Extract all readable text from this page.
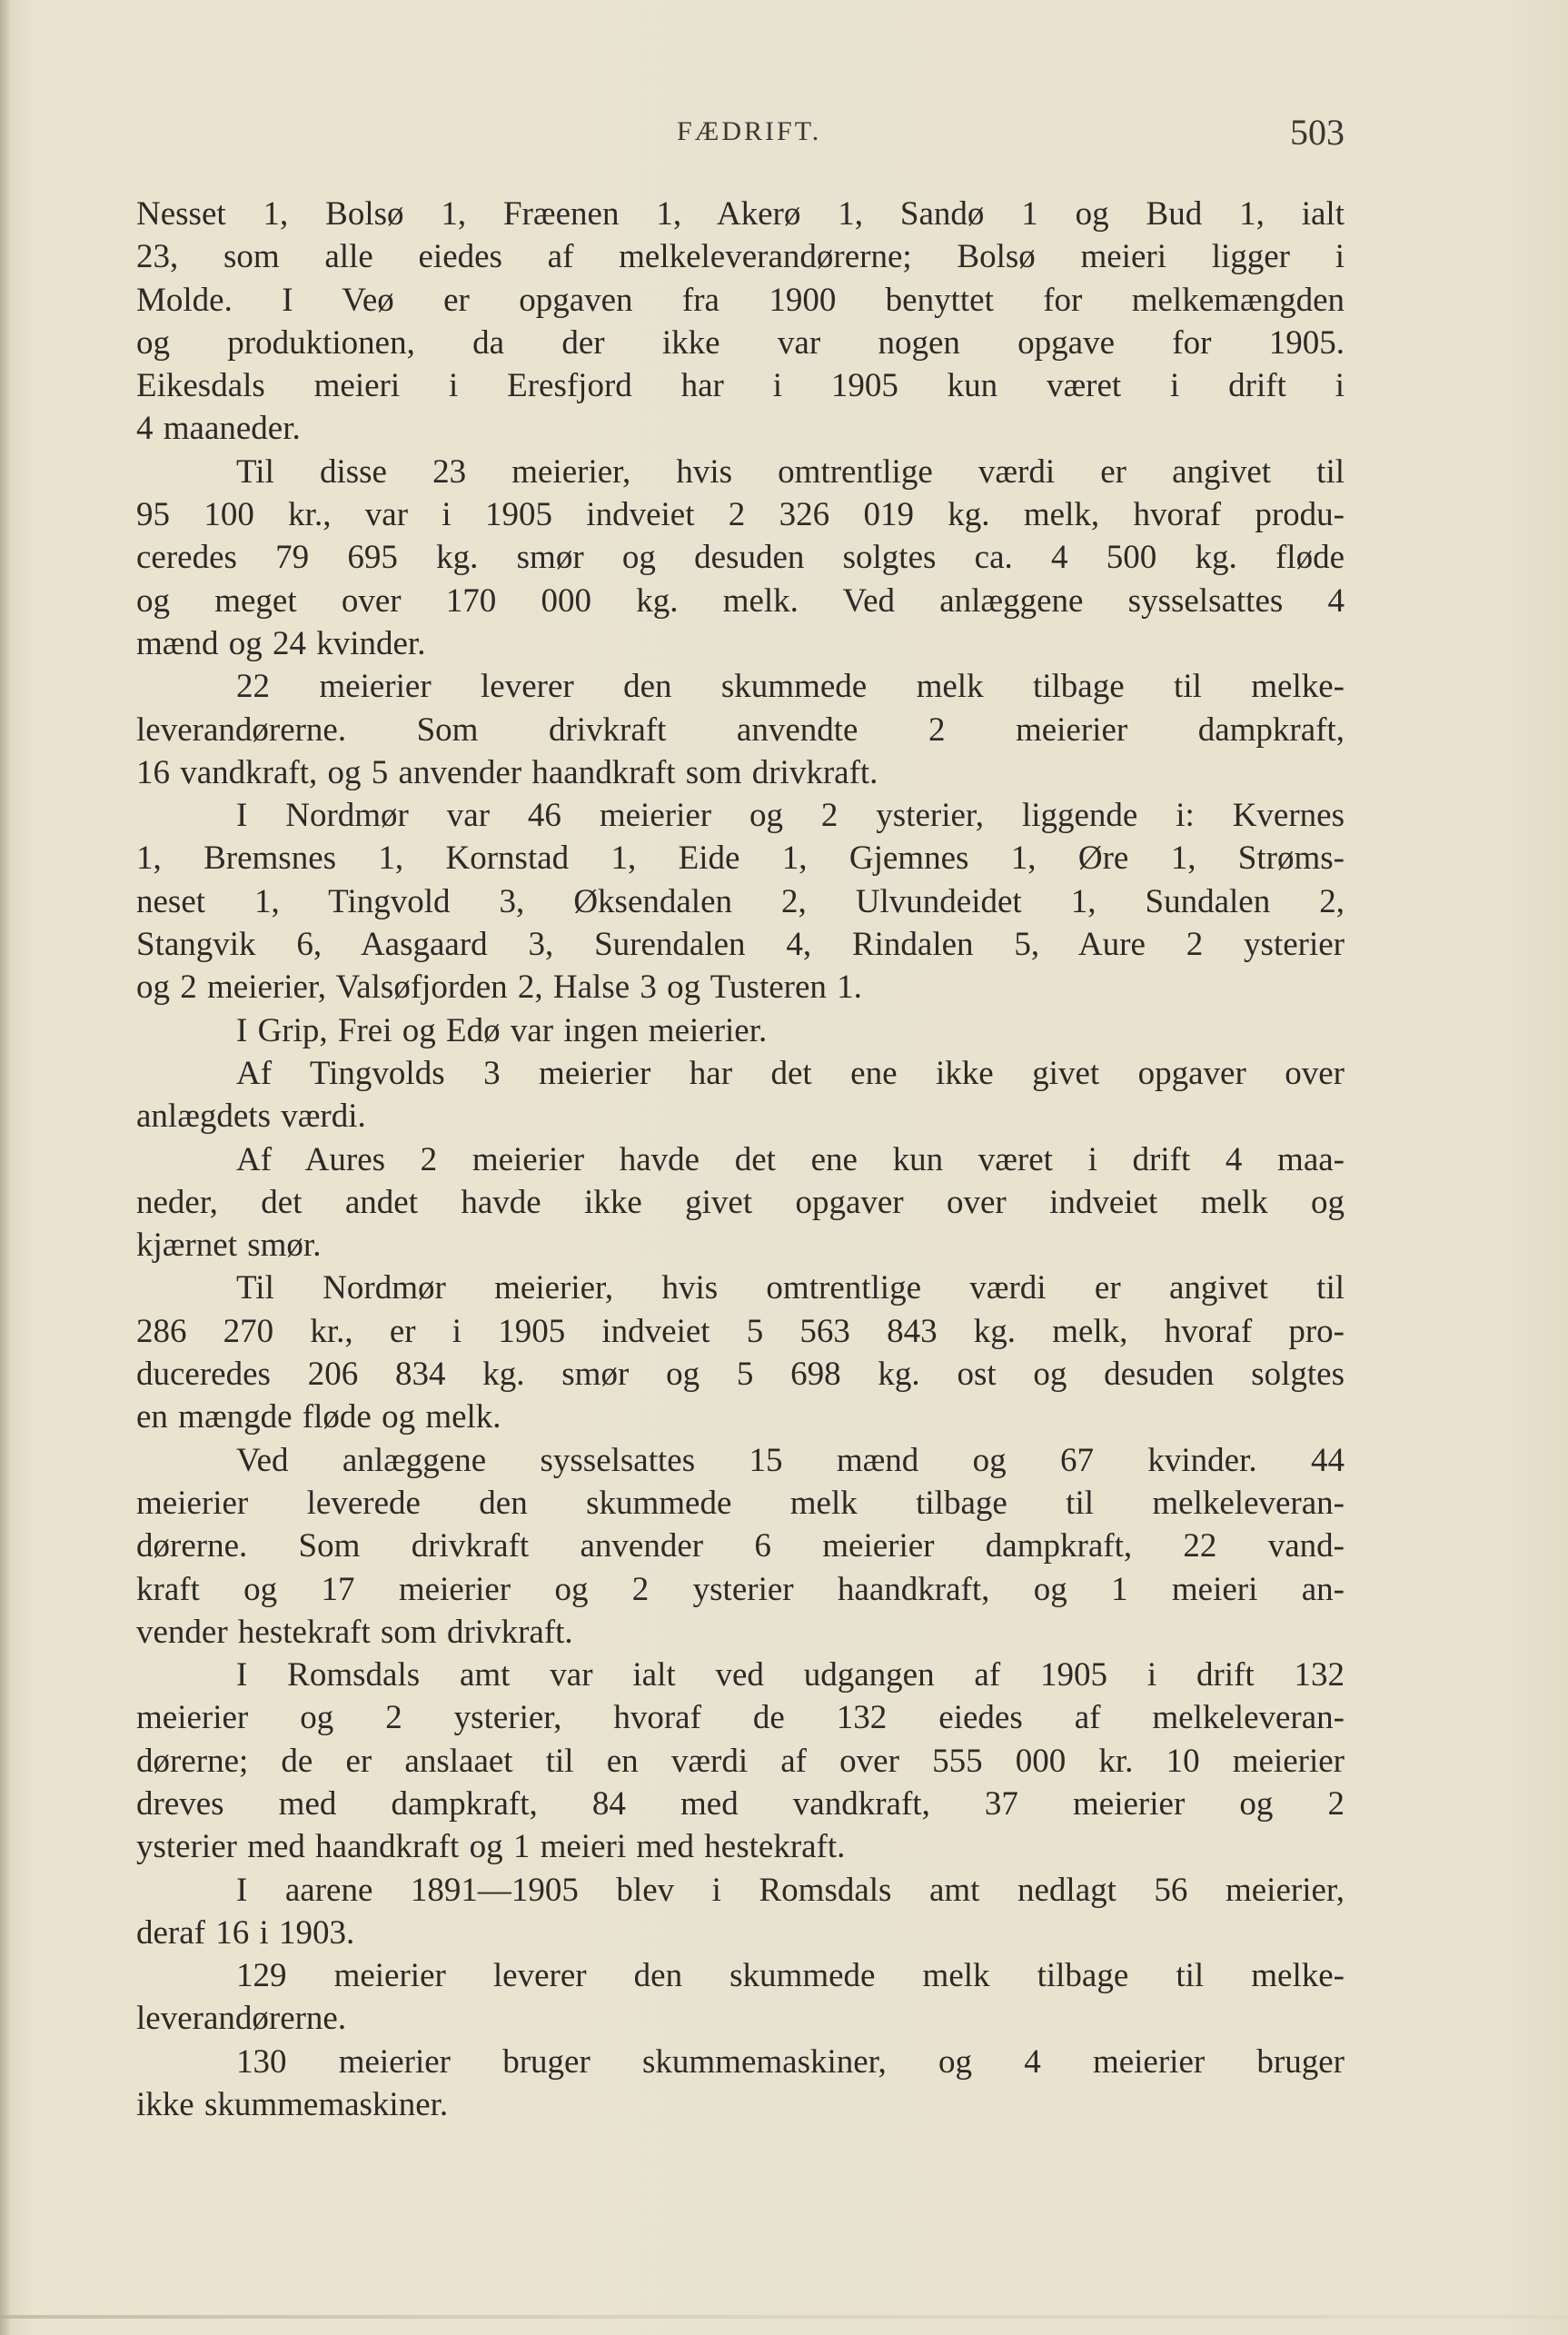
FÆDRIFT.	503
Nesset 1, Bolsø 1, Fræenen 1, Akerø 1, Sandø 1 og Bud 1, ialt
23, som alle eiedes af melkeleverandørerne; Bolsø meieri ligger i
Molde. I Veø er opgaven fra 1900 benyttet for melkemængden
og produktionen, da der ikke var nogen opgave for 1905.
Eikesdals meieri i Eresfjord har i 1905 kun været i drift i
4 maaneder.
Til disse 23 meierier, hvis omtrentlige værdi er angivet til
95 100 kr., var i 1905 indveiet 2 326 019 kg. melk, hvoraf produ-
ceredes 79 695 kg. smør og desuden solgtes ca. 4 500 kg. fløde
og meget over 170 000 kg. melk. Ved anlæggene sysselsattes 4
mænd og 24 kvinder.
22 meierier leverer den skummede melk tilbage til melke-
leverandørerne. Som drivkraft anvendte 2 meierier dampkraft,
16 vandkraft, og 5 anvender haandkraft som drivkraft.
I Nordmør var 46 meierier og 2 ysterier, liggende i: Kvernes
1, Bremsnes 1, Kornstad 1, Eide 1, Gjemnes 1, Øre 1, Strøms-
neset 1, Tingvold 3, Øksendalen 2, Ulvundeidet 1, Sundalen 2,
Stangvik 6, Aasgaard 3, Surendalen 4, Rindalen 5, Aure 2 ysterier
og 2 meierier, Valsøfjorden 2, Halse 3 og Tusteren 1.
I Grip, Frei og Edø var ingen meierier.
Af Tingvolds 3 meierier har det ene ikke givet opgaver over
anlægdets værdi.
Af Aures 2 meierier havde det ene kun været i drift 4 maa-
neder, det andet havde ikke givet opgaver over indveiet melk og
kjærnet smør.
Til Nordmør meierier, hvis omtrentlige værdi er angivet til
286 270 kr., er i 1905 indveiet 5 563 843 kg. melk, hvoraf pro-
duceredes 206 834 kg. smør og 5 698 kg. ost og desuden solgtes
en mængde fløde og melk.
Ved anlæggene sysselsattes 15 mænd og 67 kvinder. 44
meierier leverede den skummede melk tilbage til melkeleveran-
dørerne. Som drivkraft anvender 6 meierier dampkraft, 22 vand-
kraft og 17 meierier og 2 ysterier haandkraft, og 1 meieri an-
vender hestekraft som drivkraft.
I Romsdals amt var ialt ved udgangen af 1905 i drift 132
meierier og 2 ysterier, hvoraf de 132 eiedes af melkeleveran-
dørerne; de er anslaaet til en værdi af over 555 000 kr. 10 meierier
dreves med dampkraft, 84 med vandkraft, 37 meierier og 2
ysterier med haandkraft og 1 meieri med hestekraft.
I aarene 1891—1905 blev i Romsdals amt nedlagt 56 meierier,
deraf 16 i 1903.
129 meierier leverer den skummede melk tilbage til melke-
leverandørerne.
130 meierier bruger skummemaskiner, og 4 meierier bruger
ikke skummemaskiner.
